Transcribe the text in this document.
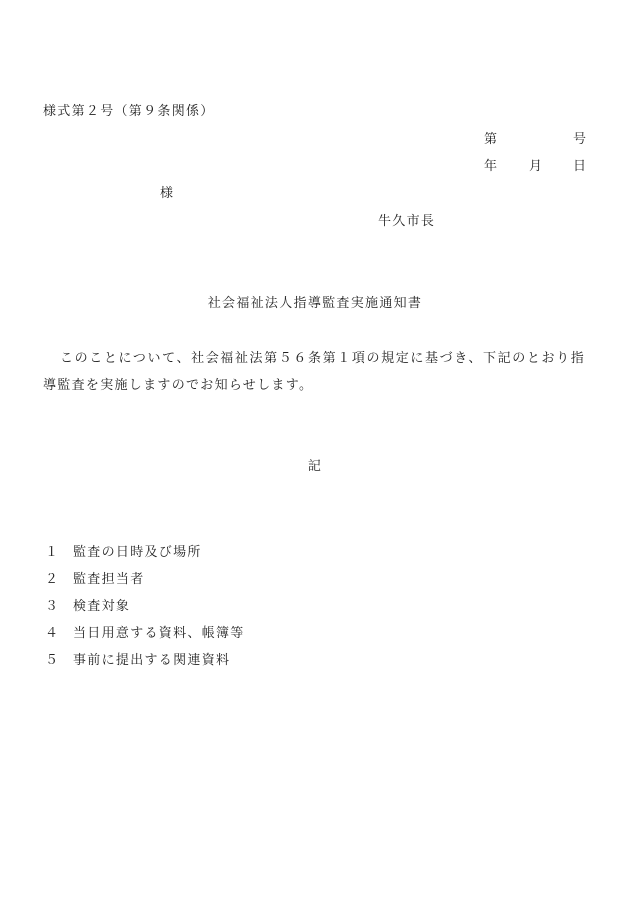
様式第２号（第９条関係）
第	号
年 月 日
様
牛久市長
社会福祉法人指導監査実施通知書
このことについて、社会福祉法第５６条第１項の規定に基づき、下記のとおり指
導監査を実施しますのでお知らせします。
記
１ 監査の日時及び場所
２ 監査担当者
３ 検査対象
４ 当日用意する資料、帳簿等
５ 事前に提出する関連資料
